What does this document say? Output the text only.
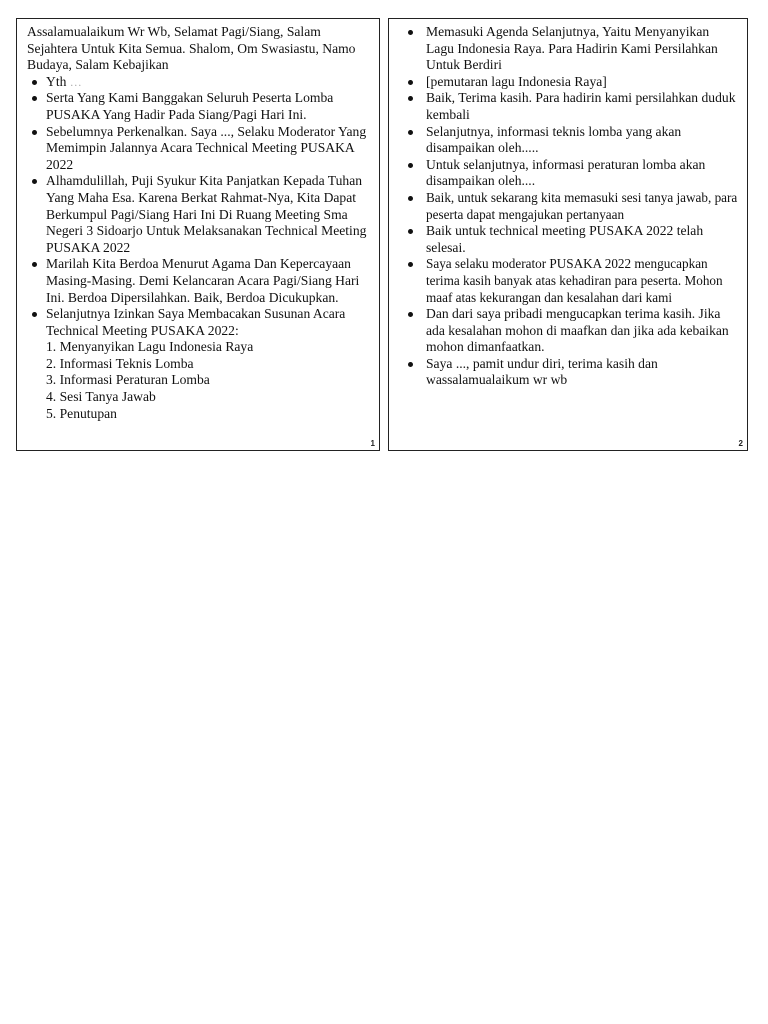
Assalamualaikum Wr Wb, Selamat Pagi/Siang, Salam Sejahtera Untuk Kita Semua. Shalom, Om Swasiastu, Namo Budaya, Salam Kebajikan
Yth …
Serta Yang Kami Banggakan Seluruh Peserta Lomba PUSAKA Yang Hadir Pada Siang/Pagi Hari Ini.
Sebelumnya Perkenalkan. Saya ..., Selaku Moderator Yang Memimpin Jalannya Acara Technical Meeting PUSAKA 2022
Alhamdulillah, Puji Syukur Kita Panjatkan Kepada Tuhan Yang Maha Esa. Karena Berkat Rahmat-Nya, Kita Dapat Berkumpul Pagi/Siang Hari Ini Di Ruang Meeting Sma Negeri 3 Sidoarjo Untuk Melaksanakan Technical Meeting PUSAKA 2022
Marilah Kita Berdoa Menurut Agama Dan Kepercayaan Masing-Masing. Demi Kelancaran Acara Pagi/Siang Hari Ini. Berdoa Dipersilahkan. Baik, Berdoa Dicukupkan.
Selanjutnya Izinkan Saya Membacakan Susunan Acara Technical Meeting PUSAKA 2022:
1. Menyanyikan Lagu Indonesia Raya
2. Informasi Teknis Lomba
3. Informasi Peraturan Lomba
4. Sesi Tanya Jawab
5. Penutupan
1
Memasuki Agenda Selanjutnya, Yaitu Menyanyikan Lagu Indonesia Raya. Para Hadirin Kami Persilahkan Untuk Berdiri
[pemutaran lagu Indonesia Raya]
Baik, Terima kasih. Para hadirin kami persilahkan duduk kembali
Selanjutnya, informasi teknis lomba yang akan disampaikan oleh.....
Untuk selanjutnya, informasi peraturan lomba akan disampaikan oleh....
Baik, untuk sekarang kita memasuki sesi tanya jawab, para peserta dapat mengajukan pertanyaan
Baik untuk technical meeting PUSAKA 2022 telah selesai.
Saya selaku moderator PUSAKA 2022 mengucapkan terima kasih banyak atas kehadiran para peserta. Mohon maaf atas kekurangan dan kesalahan dari kami
Dan dari saya pribadi mengucapkan terima kasih. Jika ada kesalahan mohon di maafkan dan jika ada kebaikan mohon dimanfaatkan.
Saya ..., pamit undur diri, terima kasih dan wassalamualaikum wr wb
2
